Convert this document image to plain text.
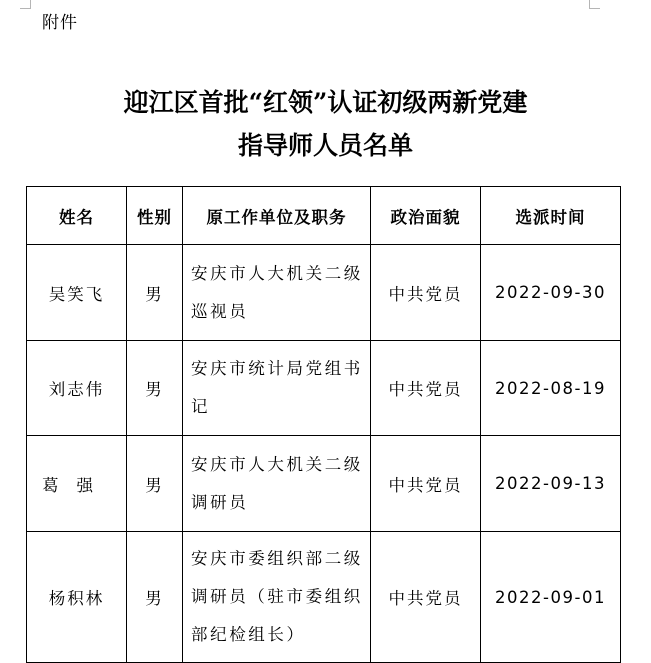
附件
迎江区首批“红领”认证初级两新党建
指导师人员名单
姓名	性别	原工作单位及职务	政治面貌	选派时间
吴笑飞	男	安庆市人大机关二级巡视员	中共党员	2022-09-30
刘志伟	男	安庆市统计局党组书记	中共党员	2022-08-19
葛强	男	安庆市人大机关二级调研员	中共党员	2022-09-13
杨积林	男	安庆市委组织部二级调研员（驻市委组织部纪检组长）	中共党员	2022-09-01
